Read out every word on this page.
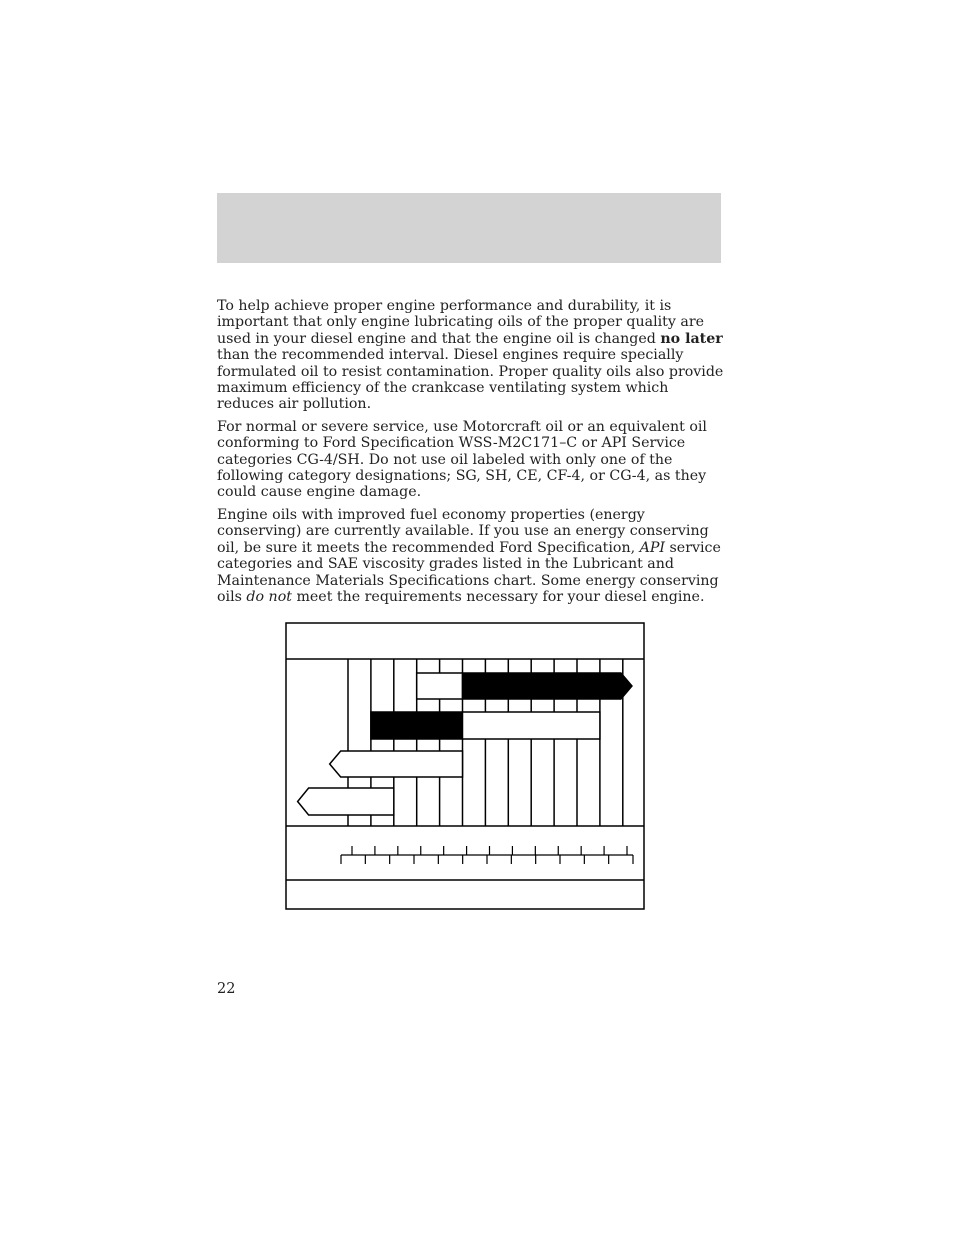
To help achieve proper engine performance and durability, it is important that only engine lubricating oils of the proper quality are used in your diesel engine and that the engine oil is changed no later than the recommended interval. Diesel engines require specially formulated oil to resist contamination. Proper quality oils also provide maximum efficiency of the crankcase ventilating system which reduces air pollution.

For normal or severe service, use Motorcraft oil or an equivalent oil conforming to Ford Specification WSS-M2C171–C or API Service categories CG-4/SH. Do not use oil labeled with only one of the following category designations; SG, SH, CE, CF-4, or CG-4, as they could cause engine damage.

Engine oils with improved fuel economy properties (energy conserving) are currently available. If you use an energy conserving oil, be sure it meets the recommended Ford Specification, API service categories and SAE viscosity grades listed in the Lubricant and Maintenance Materials Specifications chart. Some energy conserving oils do not meet the requirements necessary for your diesel engine.

22
